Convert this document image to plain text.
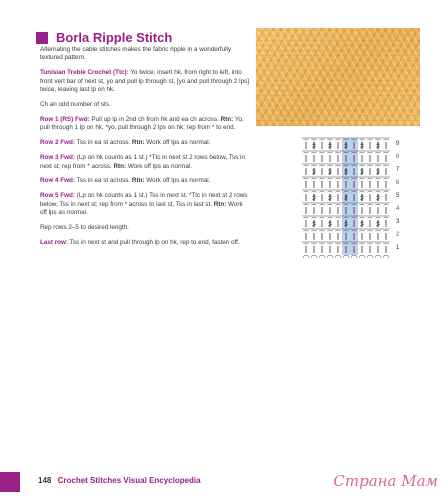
Borla Ripple Stitch

Alternating the cable stitches makes the fabric ripple in a wonderfully textured pattern.

Tunisian Treble Crochet (Ttc): Yo twice, insert hk, from right to left, into front vert bar of next st, yo and pull lp through st, [yo and pull through 2 lps] twice, leaving last lp on hk.

Ch an odd number of sts.

Row 1 (RS) Fwd: Pull up lp in 2nd ch from hk and ea ch across. Rtn: Yo, pull through 1 lp on hk, *yo, pull through 2 lps on hk; rep from * to end.

Row 2 Fwd: Tss in ea st across. Rtn: Work off lps as normal.

Row 3 Fwd: (Lp on hk counts as 1 st.) *Ttc in next st 2 rows below, Tss in next st; rep from * across. Rtn: Work off lps as normal.

Row 4 Fwd: Tss in ea st across. Rtn: Work off lps as normal.

Row 5 Fwd: (Lp on hk counts as 1 st.) Tss in next st, *Ttc in next st 2 rows below, Tss in next st; rep from * across to last st, Tss in last st. Rtn: Work off lps as normal.

Rep rows 2–5 to desired length.

Last row: Tss in next st and pull through lp on hk, rep to end, fasten off.

9
8
7
6
5
4
3
2
1
148 Crochet Stitches Visual Encyclopedia	Страна Мам
